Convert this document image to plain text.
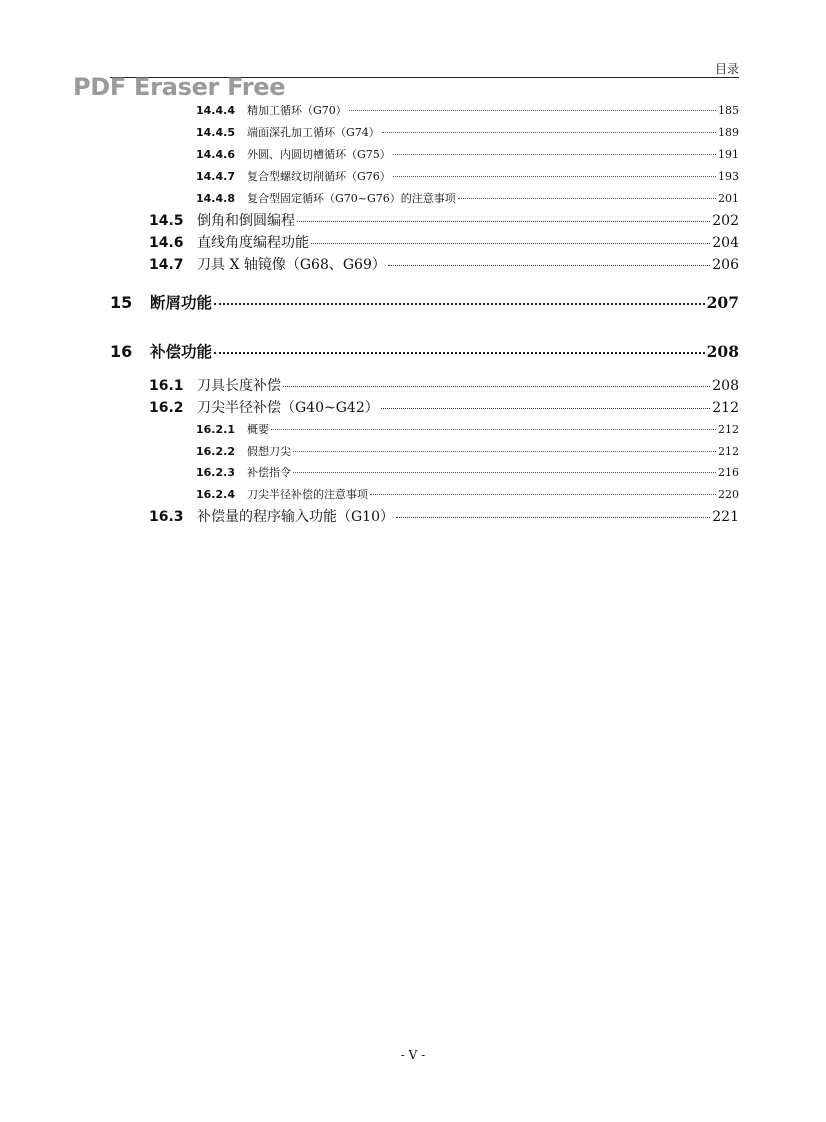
目录
PDF Eraser Free
14.4.4	精加工循环（G70）	185
14.4.5	端面深孔加工循环（G74）	189
14.4.6	外圆、内圆切槽循环（G75）	191
14.4.7	复合型螺纹切削循环（G76）	193
14.4.8	复合型固定循环（G70~G76）的注意事项	201
14.5 倒角和倒圆编程	202
14.6 直线角度编程功能	204
14.7 刀具 X 轴镜像（G68、G69）	206
15	断屑功能	207
16	补偿功能	208
16.1 刀具长度补偿	208
16.2 刀尖半径补偿（G40~G42）	212
16.2.1	概要	212
16.2.2	假想刀尖	212
16.2.3	补偿指令	216
16.2.4	刀尖半径补偿的注意事项	220
16.3 补偿量的程序输入功能（G10）	221
- V -
